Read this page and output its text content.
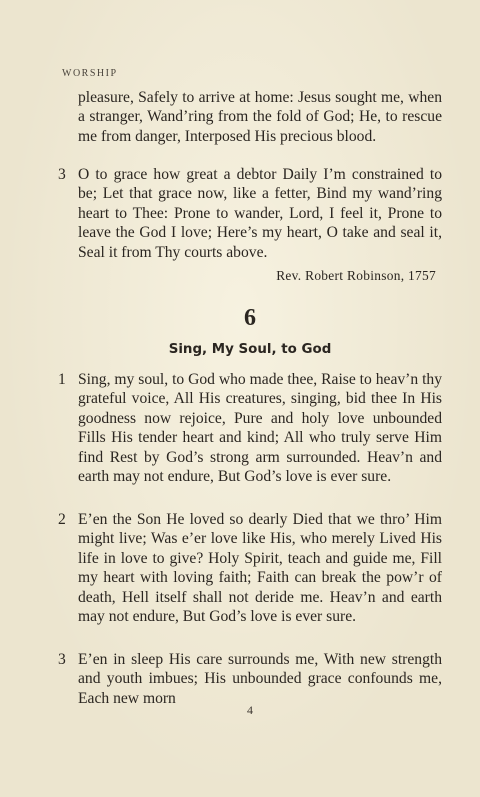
WORSHIP
pleasure, Safely to arrive at home: Jesus sought me, when a stranger, Wand’ring from the fold of God; He, to rescue me from danger, Interposed His precious blood.
3 O to grace how great a debtor Daily I’m constrained to be; Let that grace now, like a fetter, Bind my wand’ring heart to Thee: Prone to wander, Lord, I feel it, Prone to leave the God I love; Here’s my heart, O take and seal it, Seal it from Thy courts above.
Rev. Robert Robinson, 1757
6
Sing, My Soul, to God
1 Sing, my soul, to God who made thee, Raise to heav’n thy grateful voice, All His creatures, singing, bid thee In His goodness now rejoice, Pure and holy love unbounded Fills His tender heart and kind; All who truly serve Him find Rest by God’s strong arm surrounded. Heav’n and earth may not endure, But God’s love is ever sure.
2 E’en the Son He loved so dearly Died that we thro’ Him might live; Was e’er love like His, who merely Lived His life in love to give? Holy Spirit, teach and guide me, Fill my heart with loving faith; Faith can break the pow’r of death, Hell itself shall not deride me. Heav’n and earth may not endure, But God’s love is ever sure.
3 E’en in sleep His care surrounds me, With new strength and youth imbues; His unbounded grace confounds me, Each new morn
4
